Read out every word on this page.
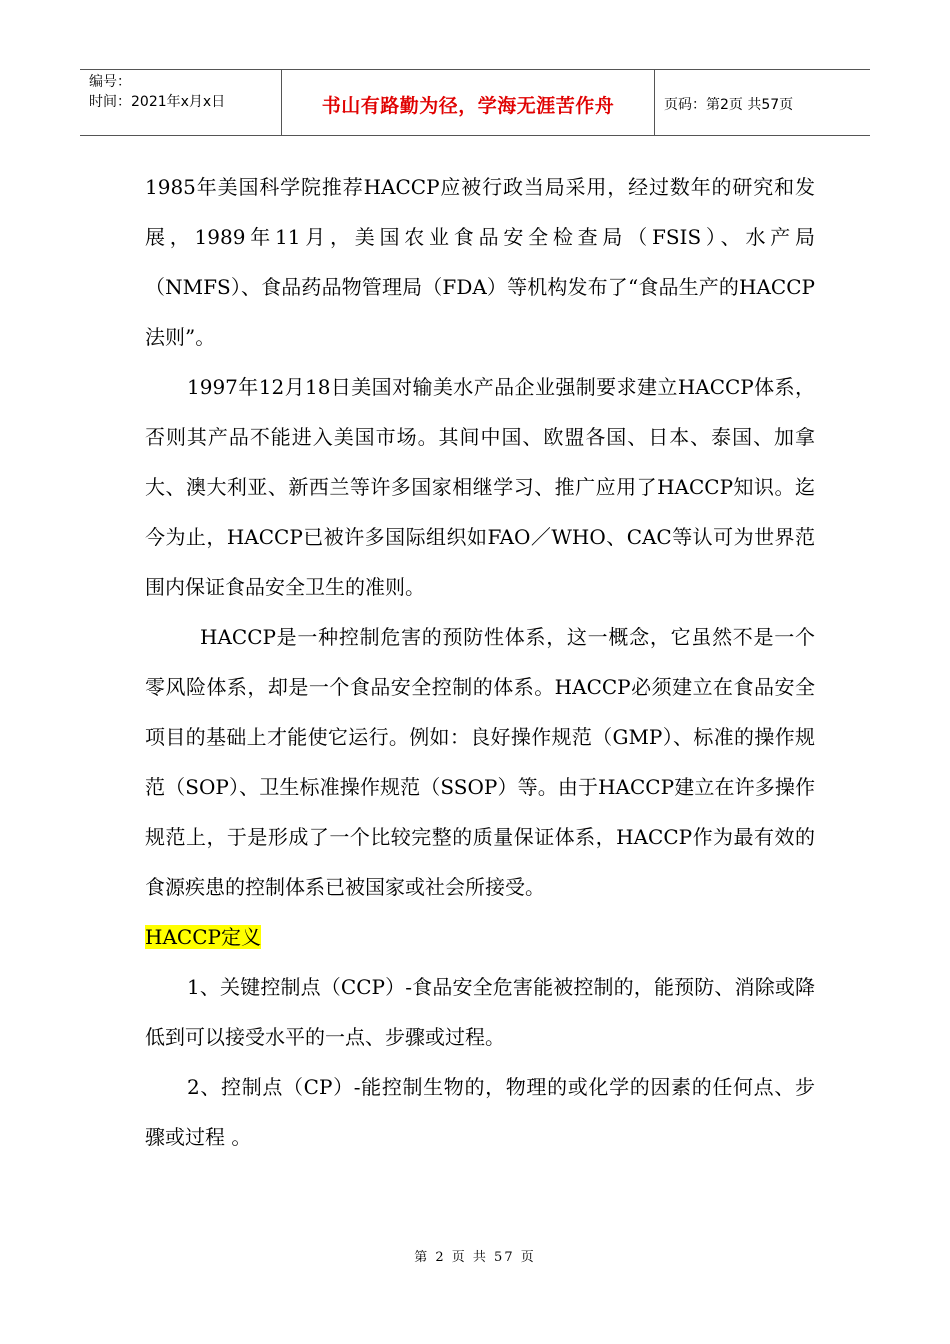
编号：
时间：2021年x月x日	书山有路勤为径，学海无涯苦作舟	页码：第2页 共57页

1985年美国科学院推荐HACCP应被行政当局采用，经过数年的研究和发展，1989年11月，美国农业食品安全检查局（FSIS）、水产局（NMFS）、食品药品物管理局（FDA）等机构发布了“食品生产的HACCP法则”。

1997年12月18日美国对输美水产品企业强制要求建立HACCP体系，否则其产品不能进入美国市场。其间中国、欧盟各国、日本、泰国、加拿大、澳大利亚、新西兰等许多国家相继学习、推广应用了HACCP知识。迄今为止，HACCP已被许多国际组织如FAO／WHO、CAC等认可为世界范围内保证食品安全卫生的准则。

HACCP是一种控制危害的预防性体系，这一概念，它虽然不是一个零风险体系，却是一个食品安全控制的体系。HACCP必须建立在食品安全项目的基础上才能使它运行。例如：良好操作规范（GMP）、标准的操作规范（SOP）、卫生标准操作规范（SSOP）等。由于HACCP建立在许多操作规范上，于是形成了一个比较完整的质量保证体系，HACCP作为最有效的食源疾患的控制体系已被国家或社会所接受。

HACCP定义

1、关键控制点（CCP）-食品安全危害能被控制的，能预防、消除或降低到可以接受水平的一点、步骤或过程。

2、控制点（CP）-能控制生物的，物理的或化学的因素的任何点、步骤或过程 。

第 2 页 共 57 页
